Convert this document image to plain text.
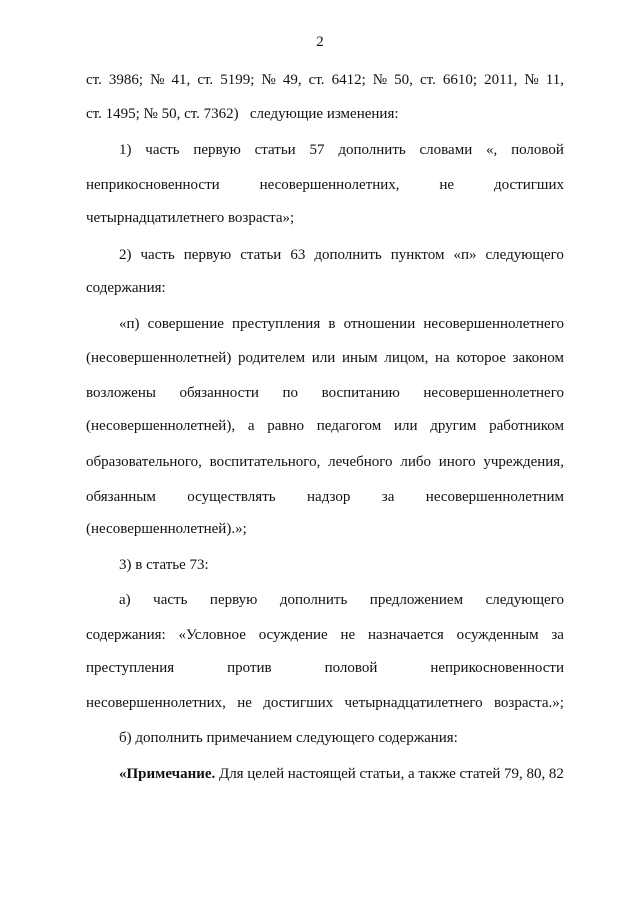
2
ст. 3986; № 41, ст. 5199; № 49, ст. 6412; № 50, ст. 6610; 2011, № 11,
ст. 1495; № 50, ст. 7362)   следующие изменения:
1) часть первую статьи 57 дополнить словами «, половой
неприкосновенности	несовершеннолетних,	не	достигших
четырнадцатилетнего возраста»;
2) часть первую статьи 63 дополнить пунктом «п» следующего
содержания:
«п) совершение преступления в отношении несовершеннолетнего
(несовершеннолетней) родителем или иным лицом, на которое законом
возложены обязанности по воспитанию несовершеннолетнего
(несовершеннолетней), а равно педагогом или другим работником
образовательного, воспитательного, лечебного либо иного учреждения,
обязанным осуществлять надзор за несовершеннолетним
(несовершеннолетней).»;
3) в статье 73:
а) часть первую дополнить предложением следующего
содержания: «Условное осуждение не назначается осужденным за
преступления	против	половой	неприкосновенности
несовершеннолетних, не достигших четырнадцатилетнего возраста.»;
б) дополнить примечанием следующего содержания:
«Примечание. Для целей настоящей статьи, а также статей 79, 80, 82
